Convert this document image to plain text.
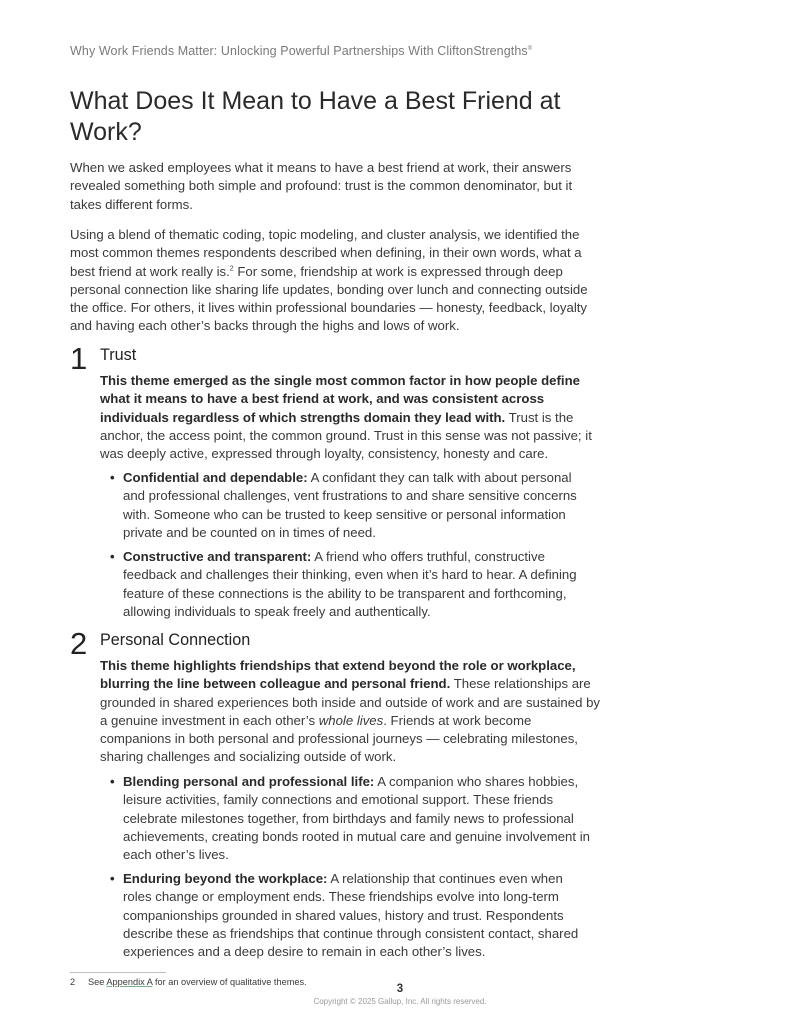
Why Work Friends Matter: Unlocking Powerful Partnerships With CliftonStrengths®
What Does It Mean to Have a Best Friend at Work?

When we asked employees what it means to have a best friend at work, their answers revealed something both simple and profound: trust is the common denominator, but it takes different forms.

Using a blend of thematic coding, topic modeling, and cluster analysis, we identified the most common themes respondents described when defining, in their own words, what a best friend at work really is.$^2$ For some, friendship at work is expressed through deep personal connection like sharing life updates, bonding over lunch and connecting outside the office. For others, it lives within professional boundaries — honesty, feedback, loyalty and having each other’s backs through the highs and lows of work.

1 Trust

This theme emerged as the single most common factor in how people define what it means to have a best friend at work, and was consistent across individuals regardless of which strengths domain they lead with. Trust is the anchor, the access point, the common ground. Trust in this sense was not passive; it was deeply active, expressed through loyalty, consistency, honesty and care.

• Confidential and dependable: A confidant they can talk with about personal and professional challenges, vent frustrations to and share sensitive concerns with. Someone who can be trusted to keep sensitive or personal information private and be counted on in times of need.
• Constructive and transparent: A friend who offers truthful, constructive feedback and challenges their thinking, even when it’s hard to hear. A defining feature of these connections is the ability to be transparent and forthcoming, allowing individuals to speak freely and authentically.
2 Personal Connection

This theme highlights friendships that extend beyond the role or workplace, blurring the line between colleague and personal friend. These relationships are grounded in shared experiences both inside and outside of work and are sustained by a genuine investment in each other’s whole lives. Friends at work become companions in both personal and professional journeys — celebrating milestones, sharing challenges and socializing outside of work.

• Blending personal and professional life: A companion who shares hobbies, leisure activities, family connections and emotional support. These friends celebrate milestones together, from birthdays and family news to professional achievements, creating bonds rooted in mutual care and genuine involvement in each other’s lives.
• Enduring beyond the workplace: A relationship that continues even when roles change or employment ends. These friendships evolve into long-term companionships grounded in shared values, history and trust. Respondents describe these as friendships that continue through consistent contact, shared experiences and a deep desire to remain in each other’s lives.
2 See Appendix A for an overview of qualitative themes.
3
Copyright © 2025 Gallup, Inc. All rights reserved.
